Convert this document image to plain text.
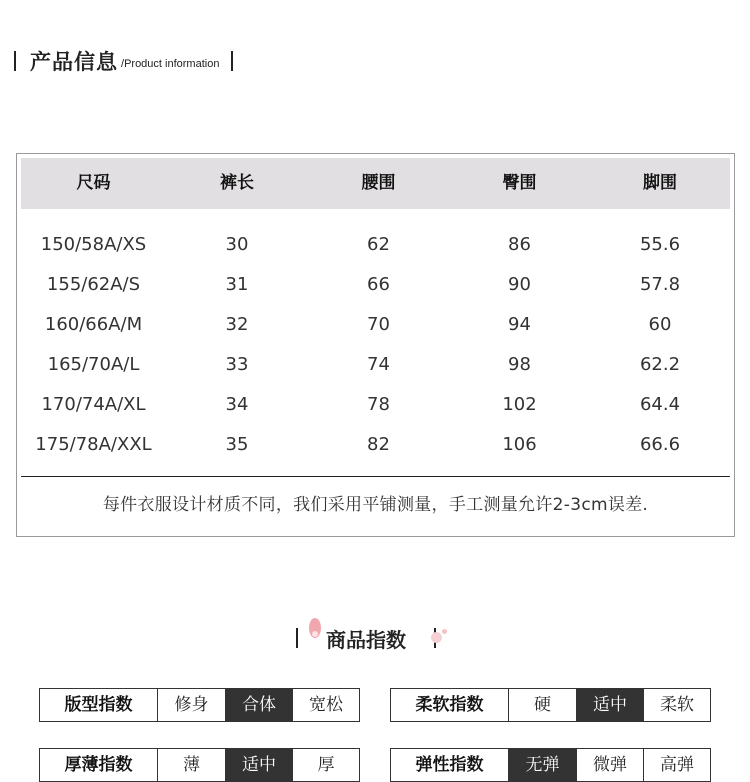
产品信息 /Product information
尺码	裤长	腰围	臀围	脚围
150/58A/XS	30	62	86	55.6
155/62A/S	31	66	90	57.8
160/66A/M	32	70	94	60
165/70A/L	33	74	98	62.2
170/74A/XL	34	78	102	64.4
175/78A/XXL	35	82	106	66.6
每件衣服设计材质不同，我们采用平铺测量，手工测量允许2-3cm误差.
商品指数
版型指数	修身	合体	宽松	柔软指数	硬	适中	柔软
厚薄指数	薄	适中	厚	弹性指数	无弹	微弹	高弹
